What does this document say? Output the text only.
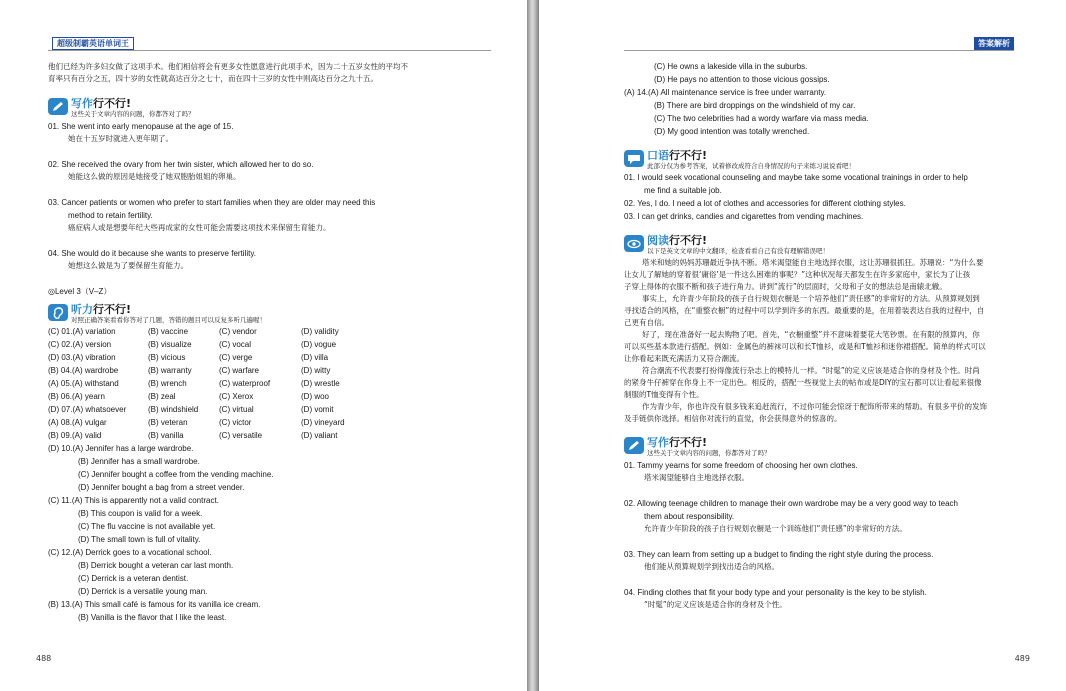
超级制霸英语单词王

他们已经为许多妇女做了这项手术。他们相信将会有更多女性愿意进行此项手术，因为二十五岁女性的平均不

育率只有百分之五，四十岁的女性就高达百分之七十，而在四十三岁的女性中则高达百分之九十五。

写作行不行!
这些关于文章内容的问题，你都答对了吗？

01. She went into early menopause at the age of 15.

她在十五岁时就进入更年期了。

02. She received the ovary from her twin sister, which allowed her to do so.

她能这么做的原因是她接受了她双胞胎姐姐的卵巢。

03. Cancer patients or women who prefer to start families when they are older may need this

method to retain fertility.

癌症病人或是想要年纪大些再成家的女性可能会需要这项技术来保留生育能力。

04. She would do it because she wants to preserve fertility.

她想这么做是为了要保留生育能力。

◎Level 3（V–Z）

听力行不行!
对照正确答案看看你答对了几题，答错的题目可以反复多听几遍喔！
(C) 01.(A) variation	(B) vaccine	(C) vendor	(D) validity
(C) 02.(A) version	(B) visualize	(C) vocal	(D) vogue
(D) 03.(A) vibration	(B) vicious	(C) verge	(D) villa
(B) 04.(A) wardrobe	(B) warranty	(C) warfare	(D) witty
(A) 05.(A) withstand	(B) wrench	(C) waterproof	(D) wrestle
(B) 06.(A) yearn	(B) zeal	(C) Xerox	(D) woo
(D) 07.(A) whatsoever	(B) windshield	(C) virtual	(D) vomit
(A) 08.(A) vulgar	(B) veteran	(C) victor	(D) vineyard
(B) 09.(A) valid	(B) vanilla	(C) versatile	(D) valiant

(D) 10.(A) Jennifer has a large wardrobe.

(B) Jennifer has a small wardrobe.

(C) Jennifer bought a coffee from the vending machine.

(D) Jennifer bought a bag from a street vender.

(C) 11.(A) This is apparently not a valid contract.

(B) This coupon is valid for a week.

(C) The flu vaccine is not available yet.

(D) The small town is full of vitality.

(C) 12.(A) Derrick goes to a vocational school.

(B) Derrick bought a veteran car last month.

(C) Derrick is a veteran dentist.

(D) Derrick is a versatile young man.

(B) 13.(A) This small café is famous for its vanilla ice cream.

(B) Vanilla is the flavor that I like the least.

488
答案解析

(C) He owns a lakeside villa in the suburbs.

(D) He pays no attention to those vicious gossips.

(A) 14.(A) All maintenance service is free under warranty.

(B) There are bird droppings on the windshield of my car.

(C) The two celebrities had a wordy warfare via mass media.

(D) My good intention was totally wrenched.

口语行不行!
此部分仅为参考答案，试着修改成符合自身情况的句子来练习说说看吧！

01. I would seek vocational counseling and maybe take some vocational trainings in order to help

me find a suitable job.

02. Yes, I do. I need a lot of clothes and accessories for different clothing styles.

03. I can get drinks, candies and cigarettes from vending machines.

阅读行不行!
以下是英文文章的中文翻译，检查看看自己有没有理解错误吧！

塔米和她的妈妈苏珊最近争执不断。塔米渴望能自主地选择衣服，这让苏珊很抓狂。苏珊说：“为什么要

让女儿了解她的穿着很‘庸俗’是一件这么困难的事呢？”这种状况每天都发生在许多家庭中，家长为了让孩

子穿上得体的衣服不断和孩子进行角力。讲到“流行”的层面时，父母和子女的想法总是南辕北辙。

事实上，允许青少年阶段的孩子自行规划衣橱是一个培养他们“责任感”的非常好的方法。从预算规划到

寻找适合的风格，在“重整衣橱”的过程中可以学到许多的东西。最重要的是，在用着装表达自我的过程中，自

己更有自信。

好了，现在准备好一起去购物了吧。首先，“衣橱重整”并不意味着要花大笔钞票。在有限的预算内，你

可以买些基本款进行搭配。例如：金属色的裤袜可以和长T恤衫，或是和T恤衫和迷你裙搭配。简单的样式可以

让你看起来既充满活力又符合潮流。

符合潮流不代表要打扮得像流行杂志上的模特儿一样。“时髦”的定义应该是适合你的身材及个性。时尚

的紧身牛仔裤穿在你身上不一定出色。相反的，搭配一些视觉上去的帖布或是DIY的宝石都可以让看起来很像

制服的T恤变得有个性。

作为青少年，你也许没有很多钱来追赶流行，不过你可能会惊讶于配饰所带来的帮助。有很多平价的发饰

及手链供你选择。相信你对流行的直觉，你会获得意外的惊喜的。

写作行不行!
这些关于文章内容的问题，你都答对了吗？

01. Tammy yearns for some freedom of choosing her own clothes.

塔米渴望能够自主地选择衣服。

02. Allowing teenage children to manage their own wardrobe may be a very good way to teach

them about responsibility.

允许青少年阶段的孩子自行规划衣橱是一个训练他们“责任感”的非常好的方法。

03. They can learn from setting up a budget to finding the right style during the process.

他们能从预算规划学到找出适合的风格。

04. Finding clothes that fit your body type and your personality is the key to be stylish.

“时髦”的定义应该是适合你的身材及个性。

489
